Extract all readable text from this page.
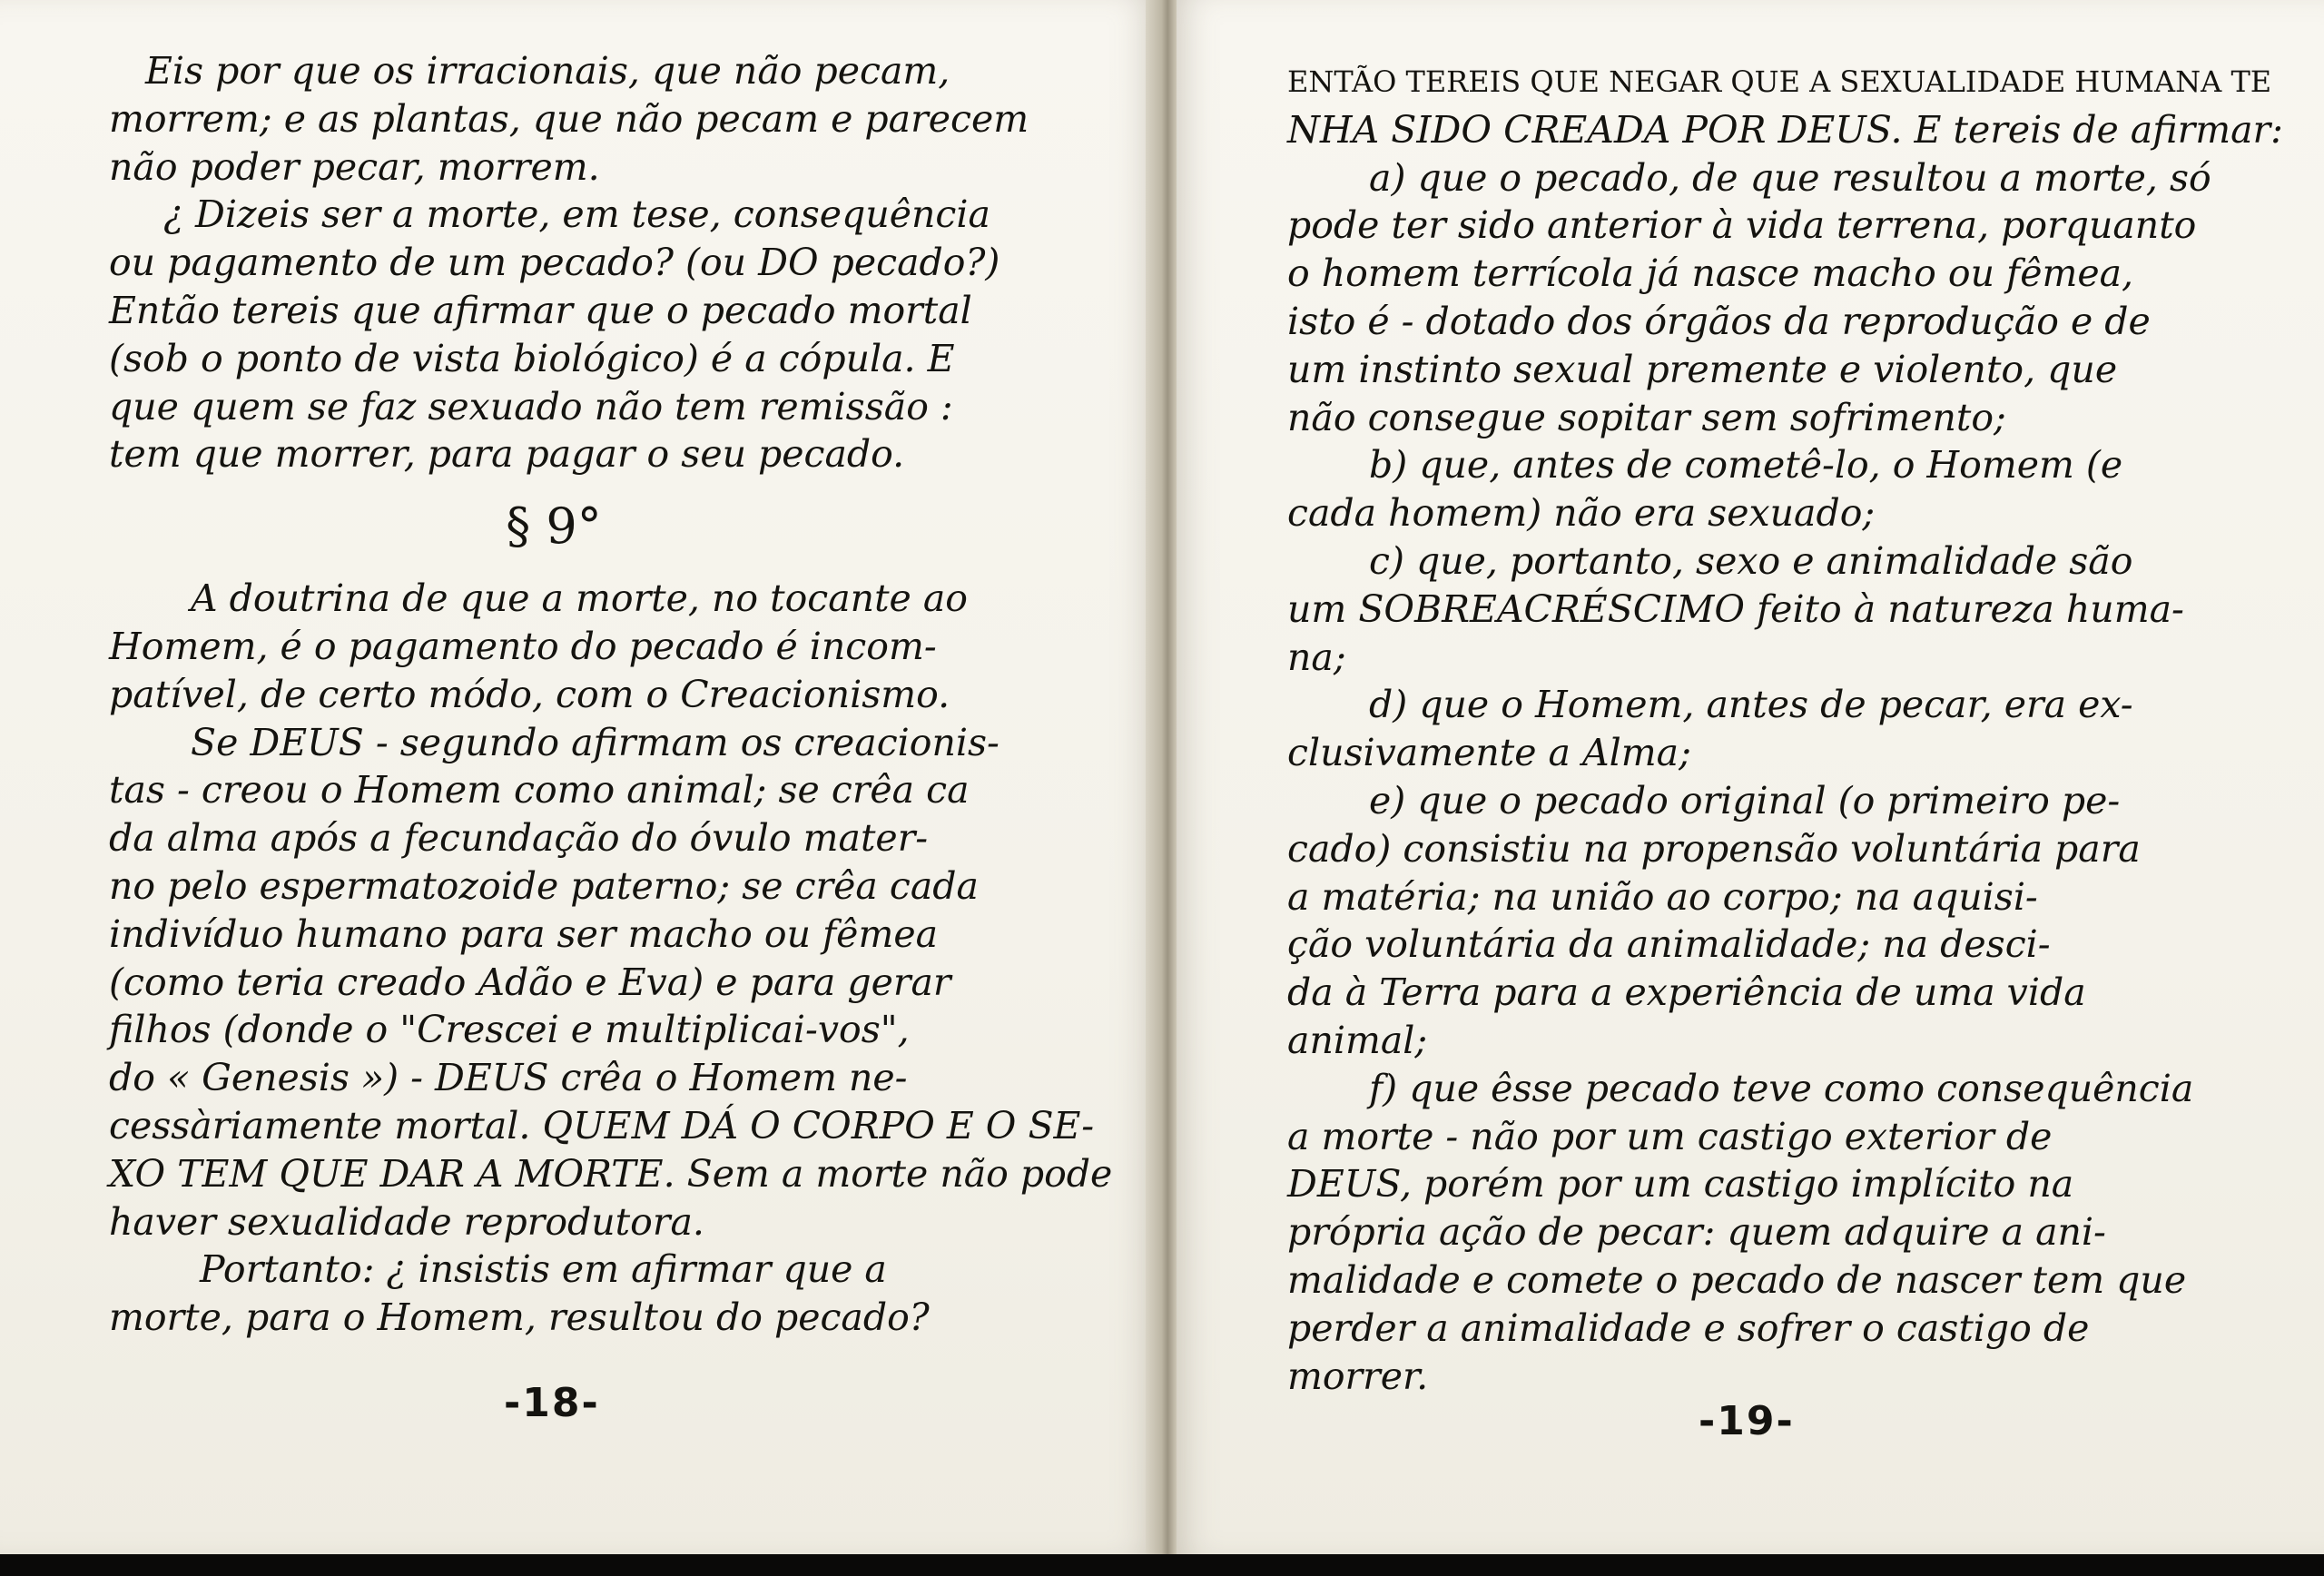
Eis por que os irracionais, que não pecam,
morrem; e as plantas, que não pecam e parecem
não poder pecar, morrem.
¿ Dizeis ser a morte, em tese, consequência
ou pagamento de um pecado? (ou DO pecado?)
Então tereis que afirmar que o pecado mortal
(sob o ponto de vista biológico) é a cópula. E
que quem se faz sexuado não tem remissão :
tem que morrer, para pagar o seu pecado.
§ 9°
A doutrina de que a morte, no tocante ao
Homem, é o pagamento do pecado é incom-
patível, de certo módo, com o Creacionismo.
Se DEUS - segundo afirmam os creacionis-
tas - creou o Homem como animal; se crêa ca
da alma após a fecundação do óvulo mater-
no pelo espermatozoide paterno; se crêa cada
indivíduo humano para ser macho ou fêmea
(como teria creado Adão e Eva) e para gerar
filhos (donde o "Crescei e multiplicai-vos",
do « Genesis ») - DEUS crêa o Homem ne-
cessàriamente mortal. QUEM DÁ O CORPO E O SE-
XO TEM QUE DAR A MORTE. Sem a morte não pode
haver sexualidade reprodutora.
Portanto: ¿ insistis em afirmar que a
morte, para o Homem, resultou do pecado?
-18-
ENTÃO TEREIS QUE NEGAR QUE A SEXUALIDADE HUMANA TE
NHA SIDO CREADA POR DEUS. E tereis de afirmar:
a) que o pecado, de que resultou a morte, só
pode ter sido anterior à vida terrena, porquanto
o homem terrícola já nasce macho ou fêmea,
isto é - dotado dos órgãos da reprodução e de
um instinto sexual premente e violento, que
não consegue sopitar sem sofrimento;
b) que, antes de cometê-lo, o Homem (e
cada homem) não era sexuado;
c) que, portanto, sexo e animalidade são
um SOBREACRÉSCIMO feito à natureza huma-
na;
d) que o Homem, antes de pecar, era ex-
clusivamente a Alma;
e) que o pecado original (o primeiro pe-
cado) consistiu na propensão voluntária para
a matéria; na união ao corpo; na aquisi-
ção voluntária da animalidade; na desci-
da à Terra para a experiência de uma vida
animal;
f) que êsse pecado teve como consequência
a morte - não por um castigo exterior de
DEUS, porém por um castigo implícito na
própria ação de pecar: quem adquire a ani-
malidade e comete o pecado de nascer tem que
perder a animalidade e sofrer o castigo de
morrer.
-19-
